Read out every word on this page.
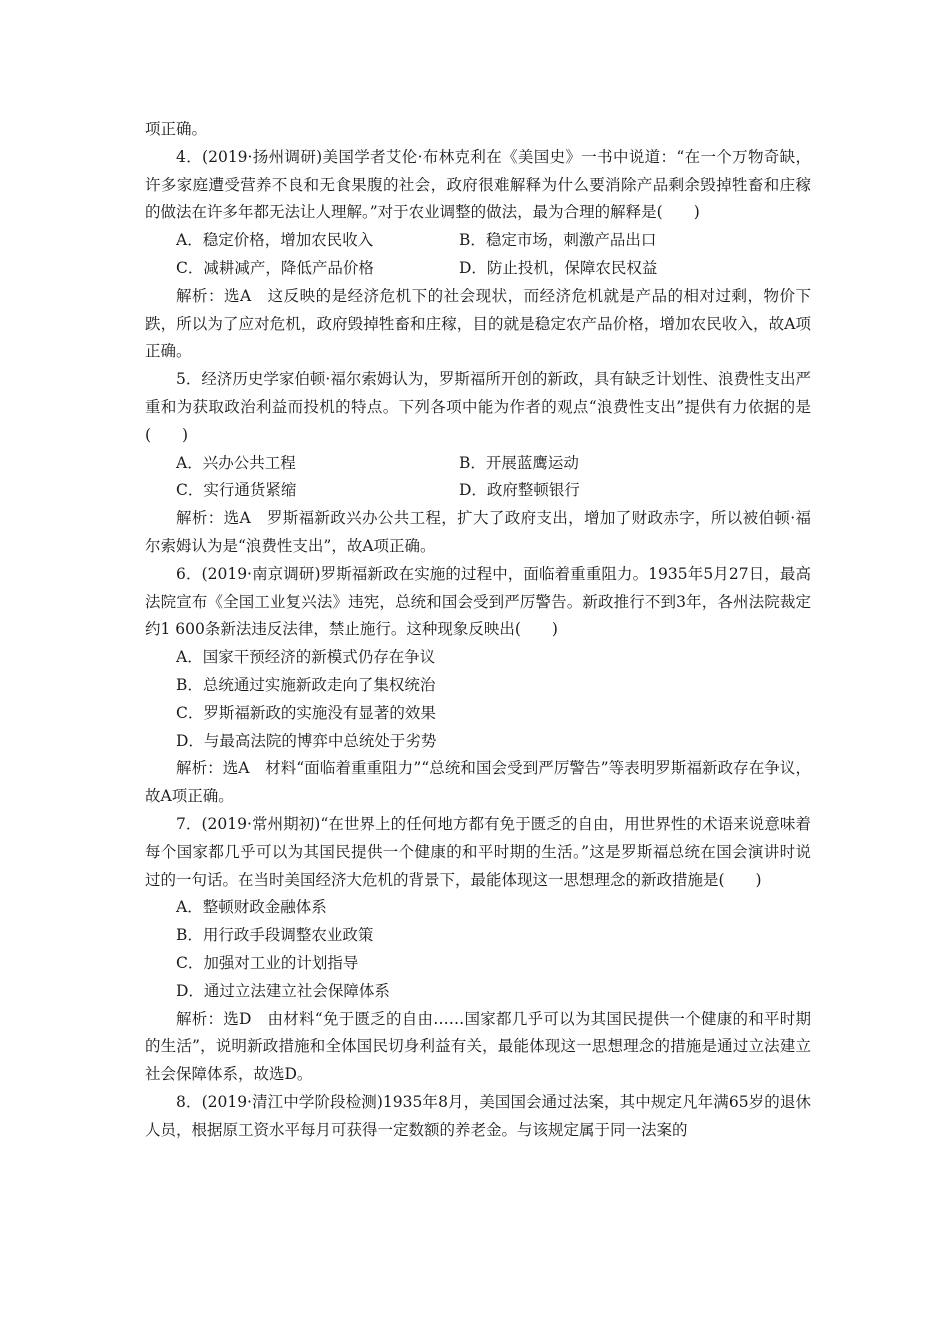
项正确。

4．(2019·扬州调研)美国学者艾伦·布林克利在《美国史》一书中说道：“在一个万物奇缺，许多家庭遭受营养不良和无食果腹的社会，政府很难解释为什么要消除产品剩余毁掉牲畜和庄稼的做法在许多年都无法让人理解。”对于农业调整的做法，最为合理的解释是(　　)

A．稳定价格，增加农民收入	B．稳定市场，刺激产品出口
C．减耕减产，降低产品价格	D．防止投机，保障农民权益

解析：选A　这反映的是经济危机下的社会现状，而经济危机就是产品的相对过剩，物价下跌，所以为了应对危机，政府毁掉牲畜和庄稼，目的就是稳定农产品价格，增加农民收入，故A项正确。

5．经济历史学家伯顿·福尔索姆认为，罗斯福所开创的新政，具有缺乏计划性、浪费性支出严重和为获取政治利益而投机的特点。下列各项中能为作者的观点“浪费性支出”提供有力依据的是(　　)

A．兴办公共工程	B．开展蓝鹰运动
C．实行通货紧缩	D．政府整顿银行

解析：选A　罗斯福新政兴办公共工程，扩大了政府支出，增加了财政赤字，所以被伯顿·福尔索姆认为是“浪费性支出”，故A项正确。

6．(2019·南京调研)罗斯福新政在实施的过程中，面临着重重阻力。1935年5月27日，最高法院宣布《全国工业复兴法》违宪，总统和国会受到严厉警告。新政推行不到3年，各州法院裁定约1 600条新法违反法律，禁止施行。这种现象反映出(　　)

A．国家干预经济的新模式仍存在争议
B．总统通过实施新政走向了集权统治
C．罗斯福新政的实施没有显著的效果
D．与最高法院的博弈中总统处于劣势

解析：选A　材料“面临着重重阻力”“总统和国会受到严厉警告”等表明罗斯福新政存在争议，故A项正确。

7．(2019·常州期初)“在世界上的任何地方都有免于匮乏的自由，用世界性的术语来说意味着每个国家都几乎可以为其国民提供一个健康的和平时期的生活。”这是罗斯福总统在国会演讲时说过的一句话。在当时美国经济大危机的背景下，最能体现这一思想理念的新政措施是(　　)

A．整顿财政金融体系
B．用行政手段调整农业政策
C．加强对工业的计划指导
D．通过立法建立社会保障体系

解析：选D　由材料“免于匮乏的自由……国家都几乎可以为其国民提供一个健康的和平时期的生活”，说明新政措施和全体国民切身利益有关，最能体现这一思想理念的措施是通过立法建立社会保障体系，故选D。

8．(2019·清江中学阶段检测)1935年8月，美国国会通过法案，其中规定凡年满65岁的退休人员，根据原工资水平每月可获得一定数额的养老金。与该规定属于同一法案的
